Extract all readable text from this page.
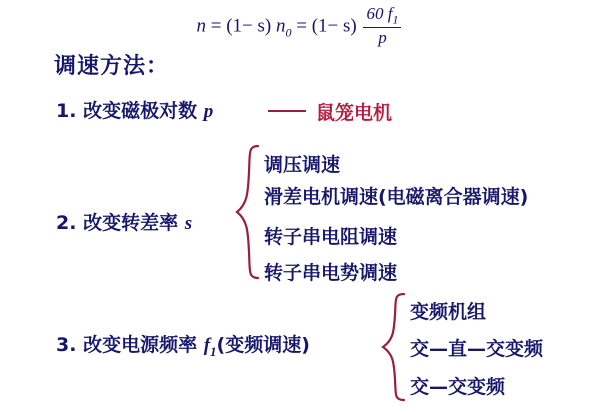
n = (1− s) $n_0 = (1- s) \frac{60 f_1}{p}$
调速方法：
1. 改变磁极对数 p	鼠笼电机
2. 改变转差率 s
调压调速
滑差电机调速(电磁离合器调速)
转子串电阻调速
转子串电势调速
3. 改变电源频率 $f_1$(变频调速)
变频机组
交—直—交变频
交—交变频
